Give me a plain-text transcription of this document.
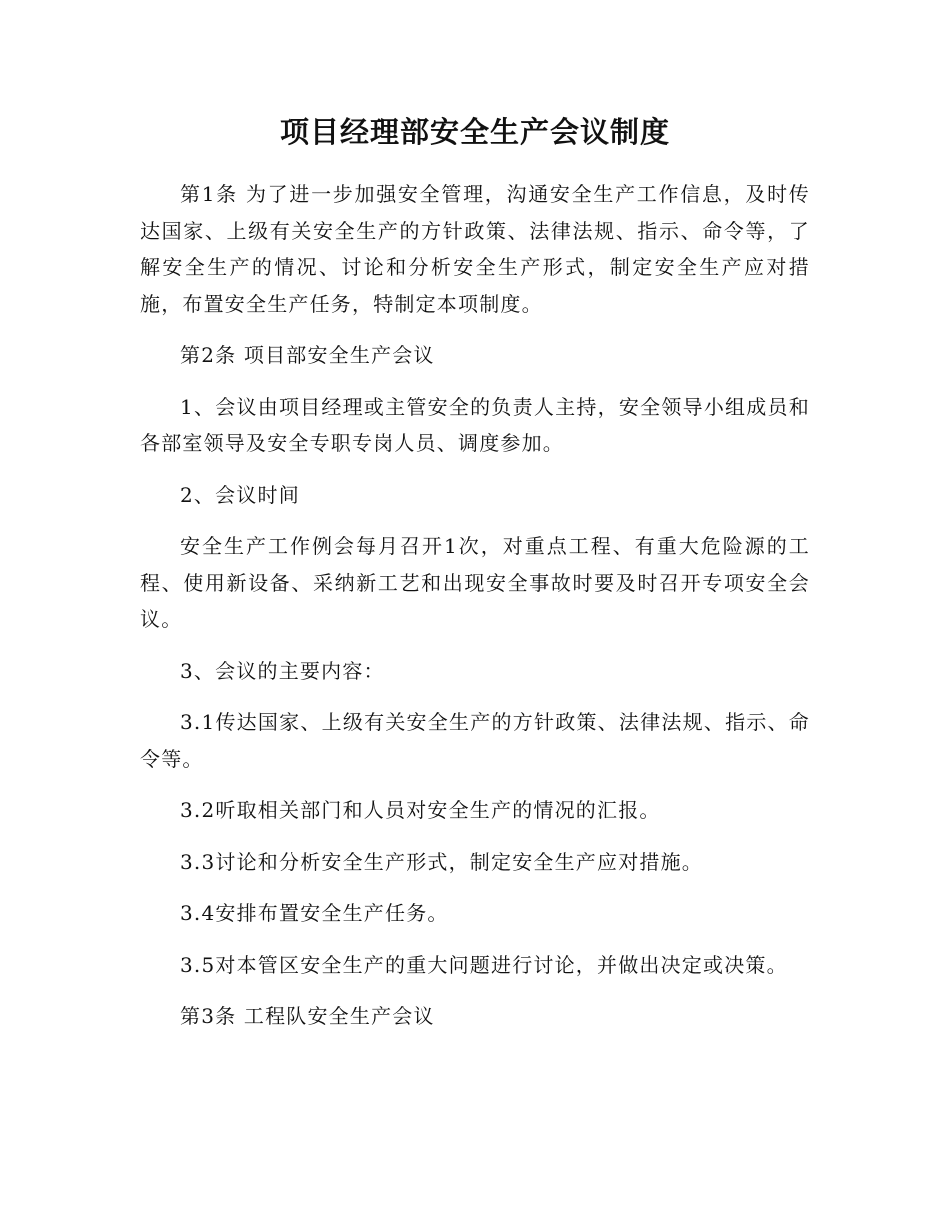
项目经理部安全生产会议制度

第1条 为了进一步加强安全管理，沟通安全生产工作信息，及时传达国家、上级有关安全生产的方针政策、法律法规、指示、命令等，了解安全生产的情况、讨论和分析安全生产形式，制定安全生产应对措施，布置安全生产任务，特制定本项制度。

第2条 项目部安全生产会议

1、会议由项目经理或主管安全的负责人主持，安全领导小组成员和各部室领导及安全专职专岗人员、调度参加。

2、会议时间

安全生产工作例会每月召开1次，对重点工程、有重大危险源的工程、使用新设备、采纳新工艺和出现安全事故时要及时召开专项安全会议。

3、会议的主要内容：

3.1传达国家、上级有关安全生产的方针政策、法律法规、指示、命令等。

3.2听取相关部门和人员对安全生产的情况的汇报。

3.3讨论和分析安全生产形式，制定安全生产应对措施。

3.4安排布置安全生产任务。

3.5对本管区安全生产的重大问题进行讨论，并做出决定或决策。

第3条 工程队安全生产会议
